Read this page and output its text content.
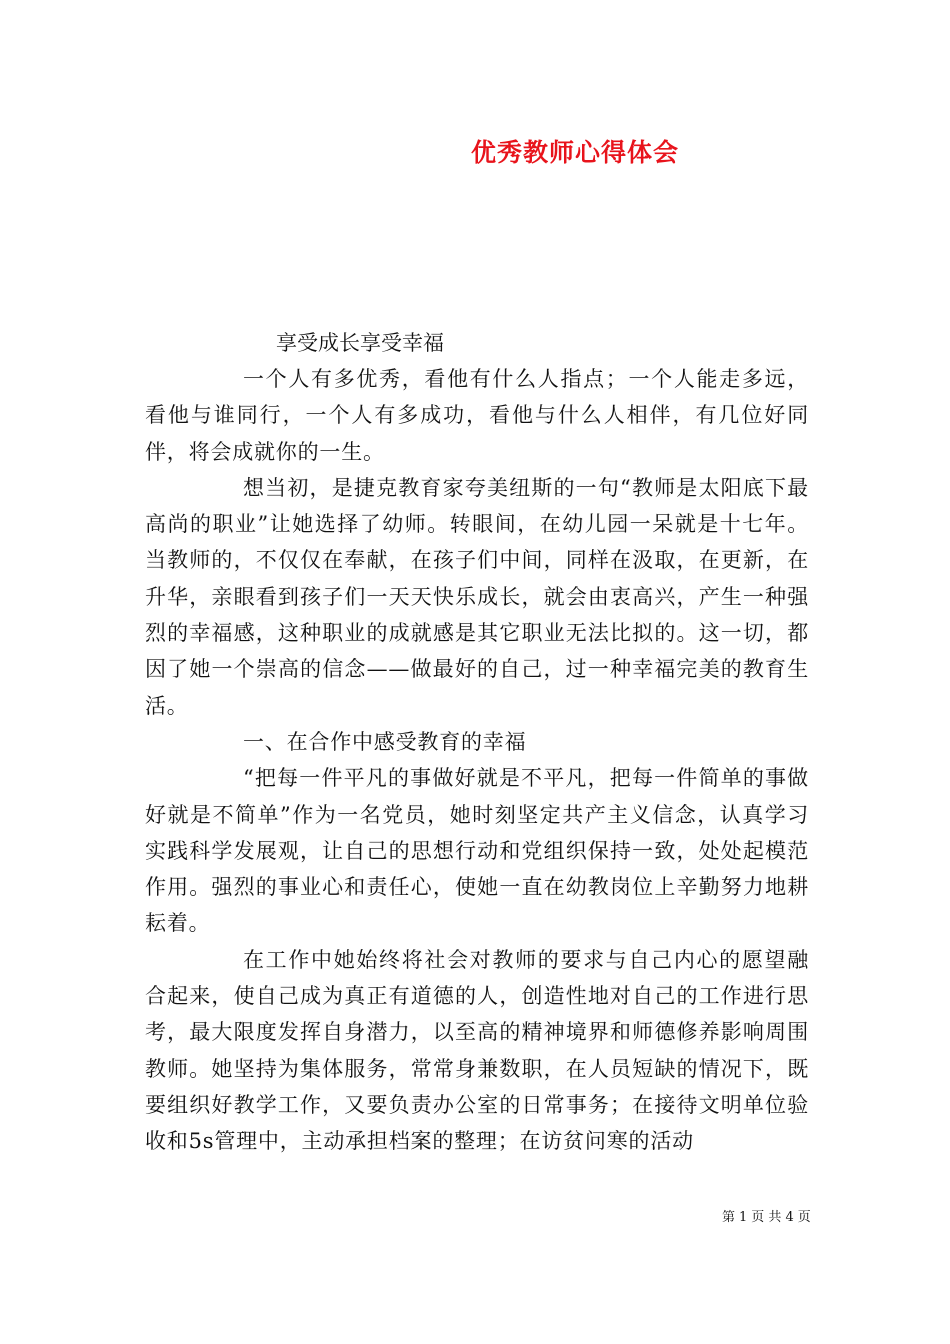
优秀教师心得体会

享受成长享受幸福

一个人有多优秀，看他有什么人指点；一个人能走多远，看他与谁同行，一个人有多成功，看他与什么人相伴，有几位好同伴，将会成就你的一生。

想当初，是捷克教育家夸美纽斯的一句“教师是太阳底下最高尚的职业”让她选择了幼师。转眼间，在幼儿园一呆就是十七年。当教师的，不仅仅在奉献，在孩子们中间，同样在汲取，在更新，在升华，亲眼看到孩子们一天天快乐成长，就会由衷高兴，产生一种强烈的幸福感，这种职业的成就感是其它职业无法比拟的。这一切，都因了她一个崇高的信念——做最好的自己，过一种幸福完美的教育生活。

一、在合作中感受教育的幸福

“把每一件平凡的事做好就是不平凡，把每一件简单的事做好就是不简单”作为一名党员，她时刻坚定共产主义信念，认真学习实践科学发展观，让自己的思想行动和党组织保持一致，处处起模范作用。强烈的事业心和责任心，使她一直在幼教岗位上辛勤努力地耕耘着。

在工作中她始终将社会对教师的要求与自己内心的愿望融合起来，使自己成为真正有道德的人，创造性地对自己的工作进行思考，最大限度发挥自身潜力，以至高的精神境界和师德修养影响周围教师。她坚持为集体服务，常常身兼数职，在人员短缺的情况下，既要组织好教学工作，又要负责办公室的日常事务；在接待文明单位验收和5s管理中，主动承担档案的整理；在访贫问寒的活动

第 1 页 共 4 页
